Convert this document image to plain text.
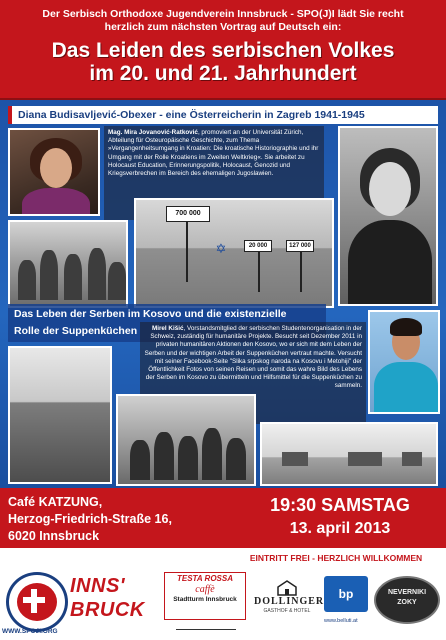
Der Serbisch Orthodoxe Jugendverein Innsbruck - SPO(J)I lädt Sie recht
herzlich zum nächsten Vortrag auf Deutsch ein:
Das Leiden des serbischen Volkes
im 20. und 21. Jahrhundert
Diana Budisavljević-Obexer - eine Österreicherin in Zagreb 1941-1945

Mag. Mira Jovanović-Ratković, promoviert an der Universität Zürich, Abteilung für Osteuropäische Geschichte, zum Thema »Vergangenheitsumgang in Kroatien: Die kroatische Historiographie und ihr Umgang mit der Rolle Kroatiens im Zweiten Weltkrieg«. Sie arbeitet zu Holocaust Education, Erinnerungspolitik, Holocaust, Genozid und Kriegsverbrechen im Bereich des ehemaligen Jugoslawien.

700 000
20 000	127 000
✡
Das Leben der Serben im Kosovo und die existenzielle
Rolle der Suppenküchen	Mirel Kišić, Vorstandsmitglied der serbischen Studentenorganisation in der Schweiz, zuständig für humanitäre Projekte. Besucht seit Dezember 2011 in privaten humanitären Aktionen den Kosovo, wo er sich mit dem Leben der Serben und der wichtigen Arbeit der Suppenküchen vertraut machte. Versucht mit seiner Facebook-Seite "Slika srpskog naroda na Kosovu i Metohiji" der Öffentlichkeit Fotos von seinen Reisen und somit das wahre Bild des Lebens der Serben im Kosovo zu übermitteln und Hilfsmittel für die Suppenküchen zu sammeln.

Café KATZUNG,
Herzog-Friedrich-Straße 16,
6020 Innsbruck
19:30 SAMSTAG
13. april 2013
EINTRITT FREI - HERZLICH WILLKOMMEN
WWW.SPOJI.ORG
INNS'
BRUCK
TESTA ROSSA
caffè
Stadtturm Innsbruck	DOLLINGER
GASTHOF & HOTEL
bp
www.belluti.at
NEVERNIKI ZOKY
